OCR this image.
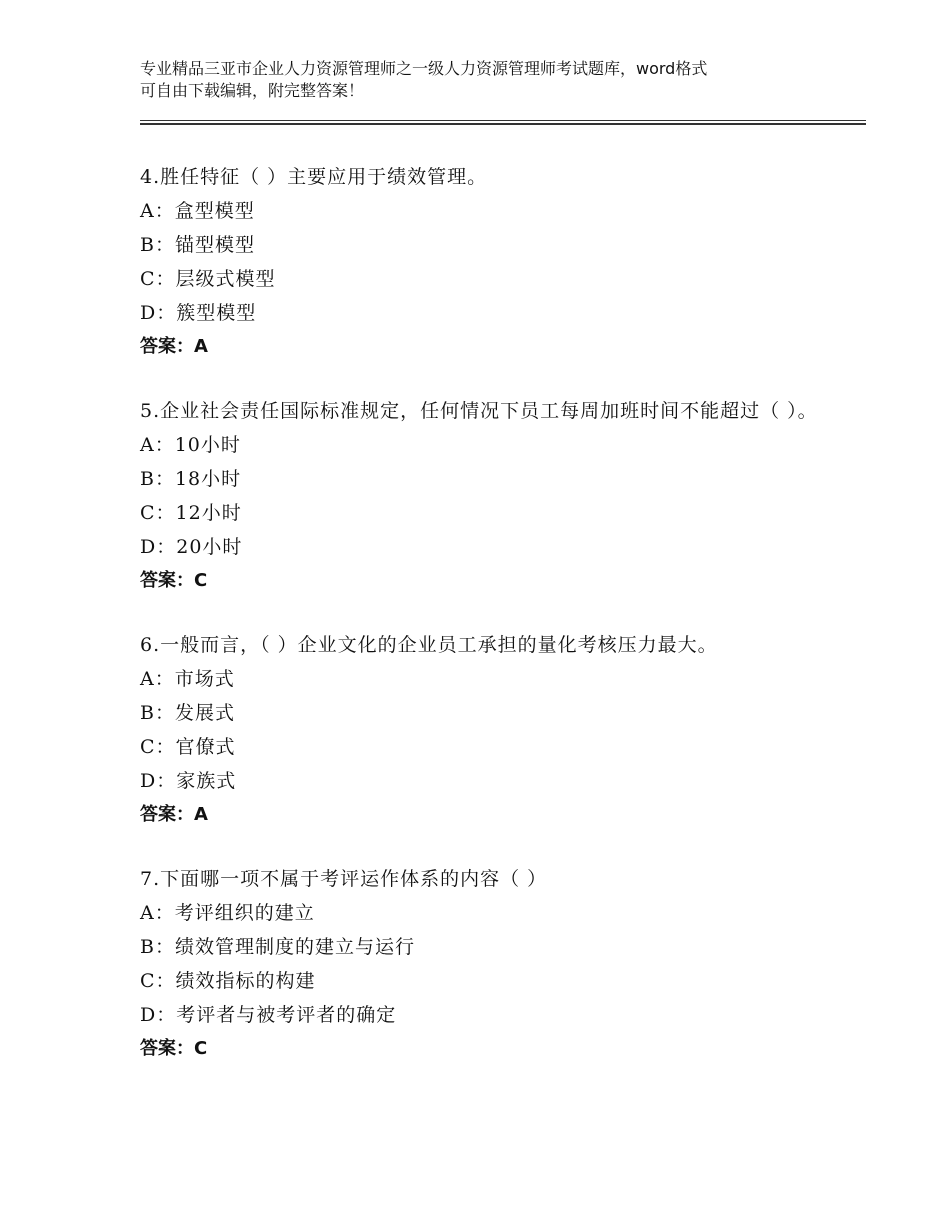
专业精品三亚市企业人力资源管理师之一级人力资源管理师考试题库，word格式
可自由下载编辑，附完整答案！
4.胜任特征（ ）主要应用于绩效管理。
A：盒型模型
B：锚型模型
C：层级式模型
D：簇型模型
答案：A
5.企业社会责任国际标准规定，任何情况下员工每周加班时间不能超过（ ）。
A：10小时
B：18小时
C：12小时
D：20小时
答案：C
6.一般而言，（ ）企业文化的企业员工承担的量化考核压力最大。
A：市场式
B：发展式
C：官僚式
D：家族式
答案：A
7.下面哪一项不属于考评运作体系的内容（ ）
A：考评组织的建立
B：绩效管理制度的建立与运行
C：绩效指标的构建
D：考评者与被考评者的确定
答案：C
